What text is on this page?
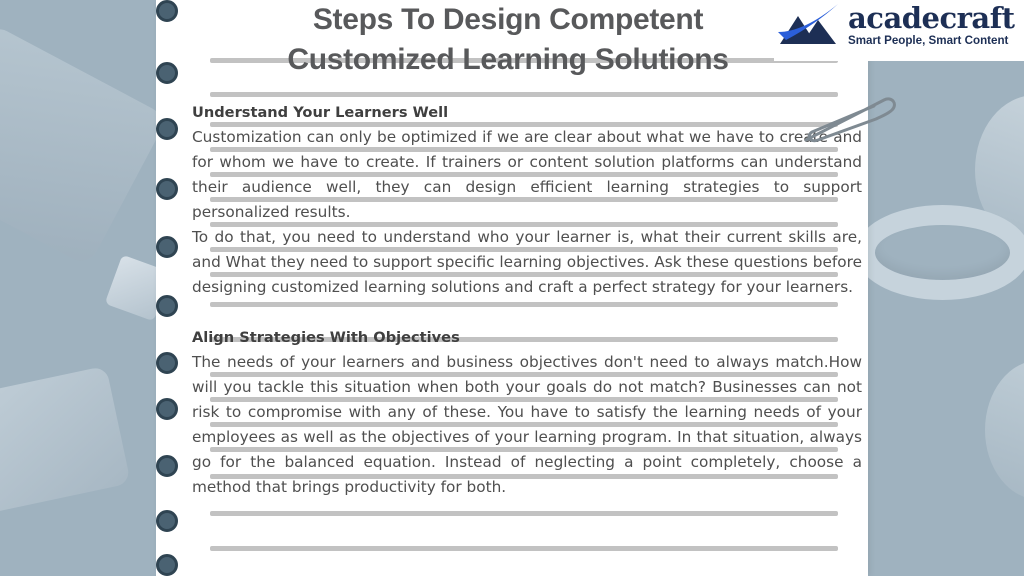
Steps To Design Competent
Customized Learning Solutions
acadecraft
Smart People, Smart Content
Understand Your Learners Well

Customization can only be optimized if we are clear about what we have to create and for whom we have to create. If trainers or content solution platforms can understand their audience well, they can design efficient learning strategies to support personalized results.

To do that, you need to understand who your learner is, what their current skills are, and What they need to support specific learning objectives. Ask these questions before designing customized learning solutions and craft a perfect strategy for your learners.

Align Strategies With Objectives

The needs of your learners and business objectives don't need to always match.How will you tackle this situation when both your goals do not match? Businesses can not risk to compromise with any of these. You have to satisfy the learning needs of your employees as well as the objectives of your learning program. In that situation, always go for the balanced equation. Instead of neglecting a point completely, choose a method that brings productivity for both.
